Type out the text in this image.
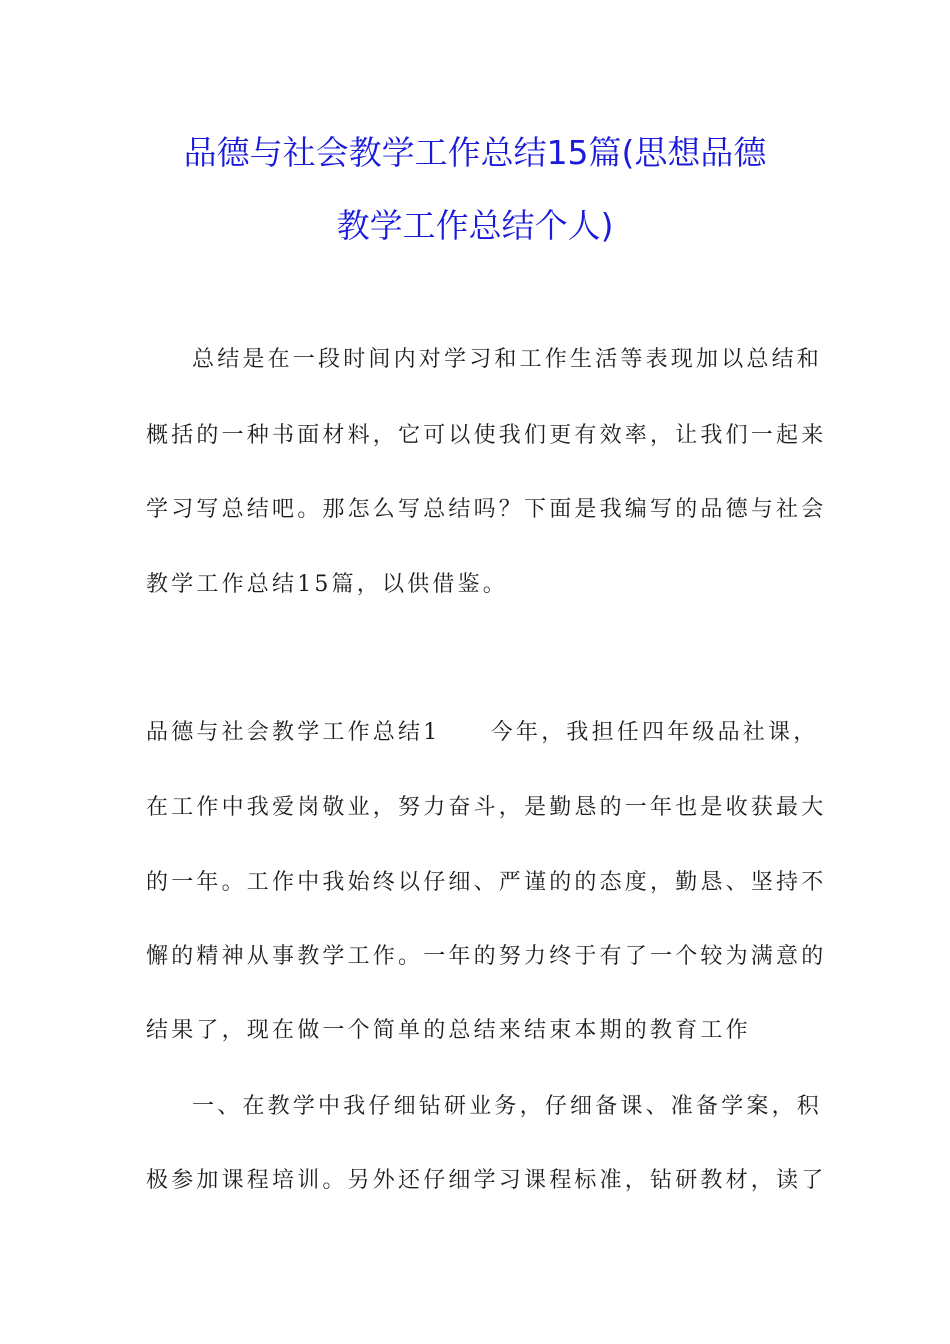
品德与社会教学工作总结15篇(思想品德
教学工作总结个人)
总结是在一段时间内对学习和工作生活等表现加以总结和
概括的一种书面材料，它可以使我们更有效率，让我们一起来
学习写总结吧。那怎么写总结吗？下面是我编写的品德与社会
教学工作总结15篇，以供借鉴。
品德与社会教学工作总结1　　今年，我担任四年级品社课，
在工作中我爱岗敬业，努力奋斗，是勤恳的一年也是收获最大
的一年。工作中我始终以仔细、严谨的的态度，勤恳、坚持不
懈的精神从事教学工作。一年的努力终于有了一个较为满意的
结果了，现在做一个简单的总结来结束本期的教育工作
一、在教学中我仔细钻研业务，仔细备课、准备学案，积
极参加课程培训。另外还仔细学习课程标准，钻研教材，读了
